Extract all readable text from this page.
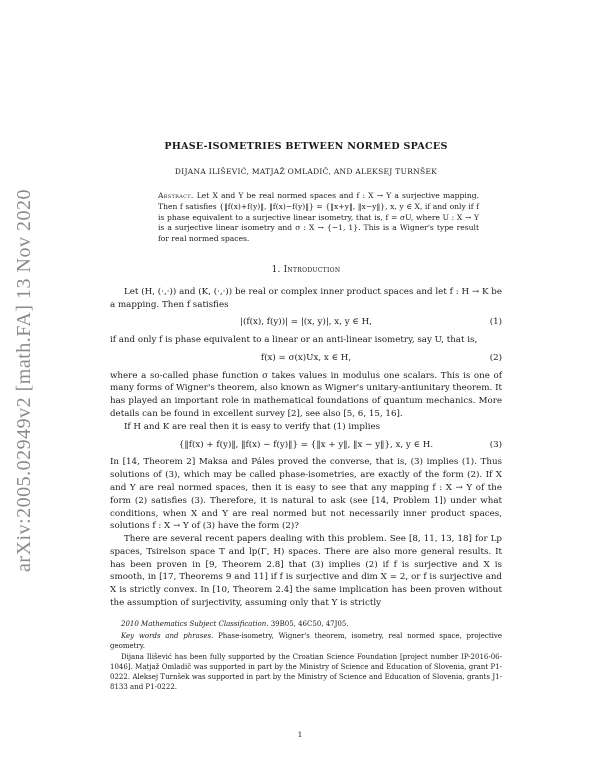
arXiv:2005.02949v2 [math.FA] 13 Nov 2020
PHASE-ISOMETRIES BETWEEN NORMED SPACES
DIJANA ILIŠEVIĆ, MATJAŽ OMLADIČ, AND ALEKSEJ TURNŠEK
Abstract. Let X and Y be real normed spaces and f : X → Y a surjective mapping. Then f satisfies {‖f(x)+f(y)‖, ‖f(x)−f(y)‖} = {‖x+y‖, ‖x−y‖}, x, y ∈ X, if and only if f is phase equivalent to a surjective linear isometry, that is, f = σU, where U : X → Y is a surjective linear isometry and σ : X → {−1, 1}. This is a Wigner's type result for real normed spaces.
1. Introduction

Let (H, (·,·)) and (K, (·,·)) be real or complex inner product spaces and let f : H → K be a mapping. Then f satisfies

|(f(x), f(y))| = |(x, y)|, x, y ∈ H,	(1)

if and only f is phase equivalent to a linear or an anti-linear isometry, say U, that is,

f(x) = σ(x)Ux, x ∈ H,	(2)

where a so-called phase function σ takes values in modulus one scalars. This is one of many forms of Wigner's theorem, also known as Wigner's unitary-antiunitary theorem. It has played an important role in mathematical foundations of quantum mechanics. More details can be found in excellent survey [2], see also [5, 6, 15, 16].

If H and K are real then it is easy to verify that (1) implies

{‖f(x) + f(y)‖, ‖f(x) − f(y)‖} = {‖x + y‖, ‖x − y‖}, x, y ∈ H.	(3)

In [14, Theorem 2] Maksa and Páles proved the converse, that is, (3) implies (1). Thus solutions of (3), which may be called phase-isometries, are exactly of the form (2). If X and Y are real normed spaces, then it is easy to see that any mapping f : X → Y of the form (2) satisfies (3). Therefore, it is natural to ask (see [14, Problem 1]) under what conditions, when X and Y are real normed but not necessarily inner product spaces, solutions f : X → Y of (3) have the form (2)?

There are several recent papers dealing with this problem. See [8, 11, 13, 18] for Lp spaces, Tsirelson space T and lp(Γ, H) spaces. There are also more general results. It has been proven in [9, Theorem 2.8] that (3) implies (2) if f is surjective and X is smooth, in [17, Theorems 9 and 11] if f is surjective and dim X = 2, or f is surjective and X is strictly convex. In [10, Theorem 2.4] the same implication has been proven without the assumption of surjectivity, assuming only that Y is strictly

2010 Mathematics Subject Classification. 39B05, 46C50, 47J05.

Key words and phrases. Phase-isometry, Wigner's theorem, isometry, real normed space, projective geometry.

Dijana Ilišević has been fully supported by the Croatian Science Foundation [project number IP-2016-06-1046]. Matjaž Omladič was supported in part by the Ministry of Science and Education of Slovenia, grant P1-0222. Aleksej Turnšek was supported in part by the Ministry of Science and Education of Slovenia, grants J1-8133 and P1-0222.

1
